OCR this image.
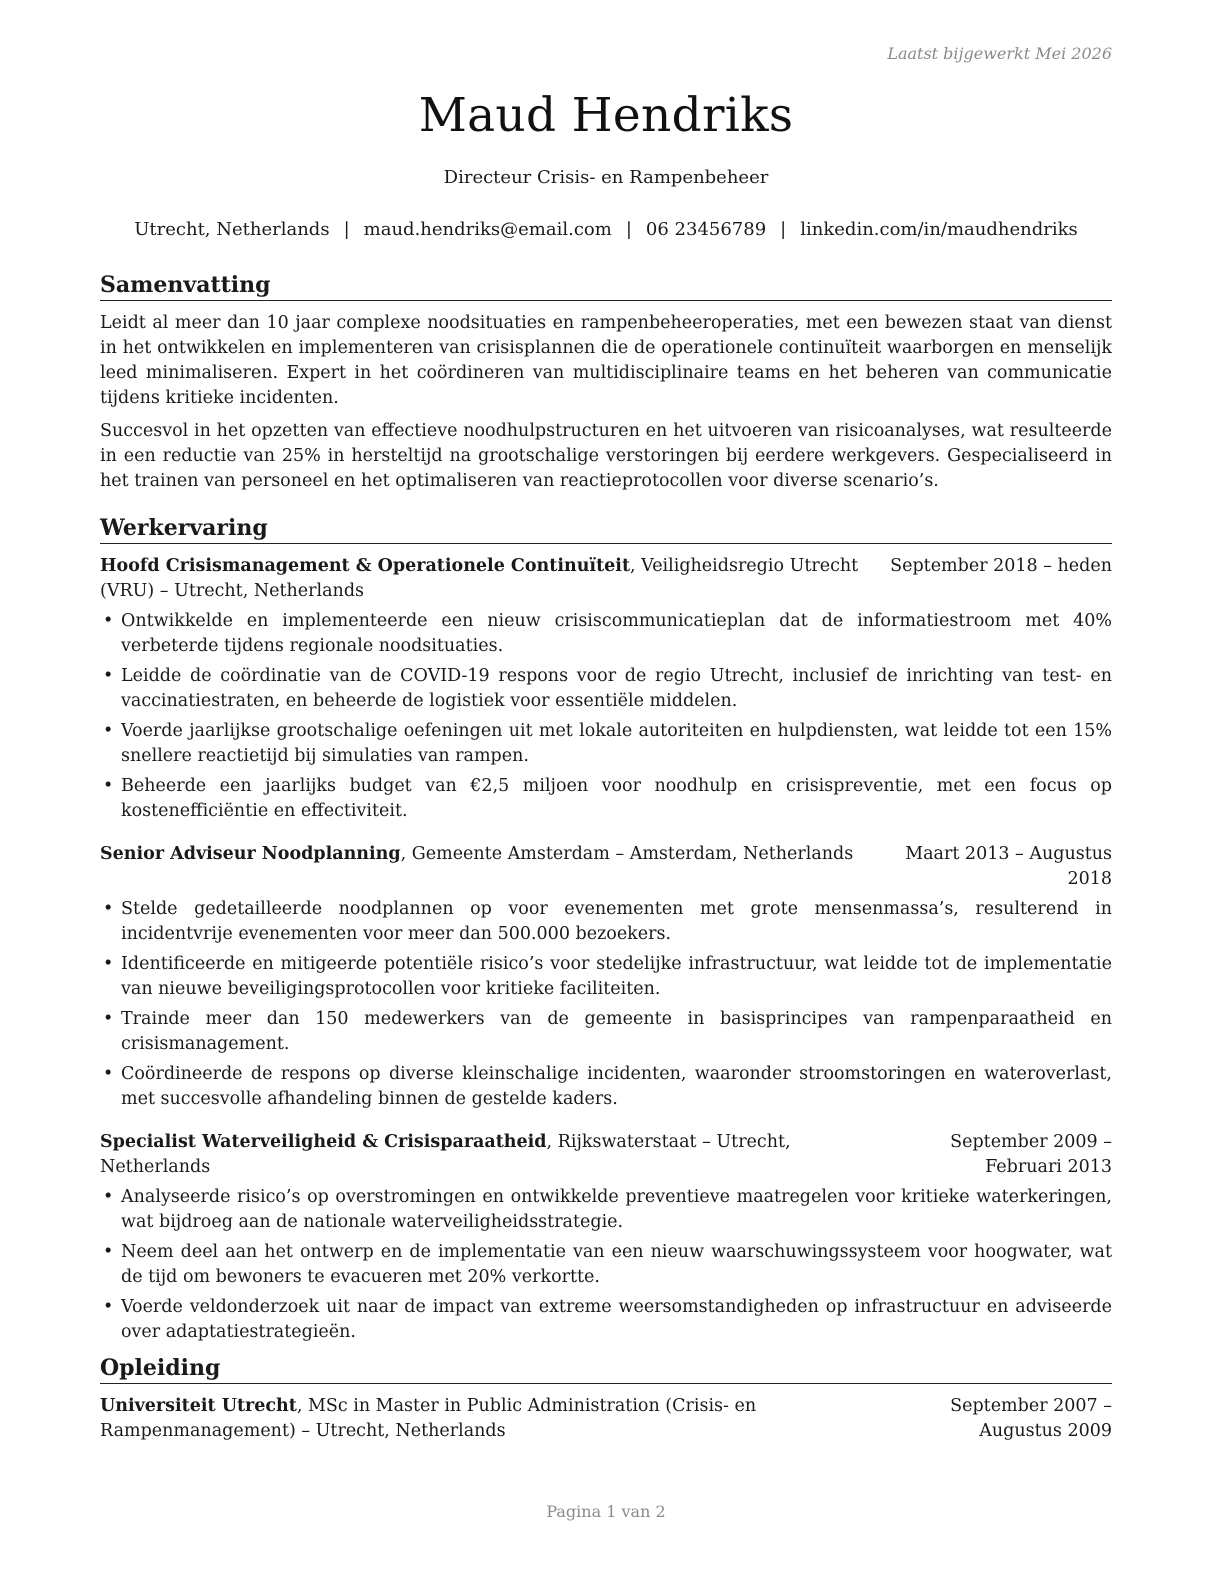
Laatst bijgewerkt Mei 2026
Maud Hendriks
Directeur Crisis- en Rampenbeheer
Utrecht, Netherlands | maud.hendriks@email.com | 06 23456789 | linkedin.com/in/maudhendriks
Samenvatting

Leidt al meer dan 10 jaar complexe noodsituaties en rampenbeheeroperaties, met een bewezen staat van dienst in het ontwikkelen en implementeren van crisisplannen die de operationele continuïteit waarborgen en menselijk leed minimaliseren. Expert in het coördineren van multidisciplinaire teams en het beheren van communicatie tijdens kritieke incidenten.

Succesvol in het opzetten van effectieve noodhulpstructuren en het uitvoeren van risicoanalyses, wat resulteerde in een reductie van 25% in hersteltijd na grootschalige verstoringen bij eerdere werkgevers. Gespecialiseerd in het trainen van personeel en het optimaliseren van reactieprotocollen voor diverse scenario’s.

Werkervaring
Hoofd Crisismanagement & Operationele Continuïteit, Veiligheidsregio Utrecht (VRU) – Utrecht, Netherlands
September 2018 – heden
• Ontwikkelde en implementeerde een nieuw crisiscommunicatieplan dat de informatiestroom met 40% verbeterde tijdens regionale noodsituaties.
• Leidde de coördinatie van de COVID-19 respons voor de regio Utrecht, inclusief de inrichting van test- en vaccinatiestraten, en beheerde de logistiek voor essentiële middelen.
• Voerde jaarlijkse grootschalige oefeningen uit met lokale autoriteiten en hulpdiensten, wat leidde tot een 15% snellere reactietijd bij simulaties van rampen.
• Beheerde een jaarlijks budget van €2,5 miljoen voor noodhulp en crisispreventie, met een focus op kostenefficiëntie en effectiviteit.
Senior Adviseur Noodplanning, Gemeente Amsterdam – Amsterdam, Netherlands	Maart 2013 – Augustus 2018
• Stelde gedetailleerde noodplannen op voor evenementen met grote mensenmassa’s, resulterend in incidentvrije evenementen voor meer dan 500.000 bezoekers.
• Identificeerde en mitigeerde potentiële risico’s voor stedelijke infrastructuur, wat leidde tot de implementatie van nieuwe beveiligingsprotocollen voor kritieke faciliteiten.
• Trainde meer dan 150 medewerkers van de gemeente in basisprincipes van rampenparaatheid en crisismanagement.
• Coördineerde de respons op diverse kleinschalige incidenten, waaronder stroomstoringen en wateroverlast, met succesvolle afhandeling binnen de gestelde kaders.
Specialist Waterveiligheid & Crisisparaatheid, Rijkswaterstaat – Utrecht, Netherlands
September 2009 – Februari 2013
• Analyseerde risico’s op overstromingen en ontwikkelde preventieve maatregelen voor kritieke waterkeringen, wat bijdroeg aan de nationale waterveiligheidsstrategie.
• Neem deel aan het ontwerp en de implementatie van een nieuw waarschuwingssysteem voor hoogwater, wat de tijd om bewoners te evacueren met 20% verkortte.
• Voerde veldonderzoek uit naar de impact van extreme weersomstandigheden op infrastructuur en adviseerde over adaptatiestrategieën.
Opleiding
Universiteit Utrecht, MSc in Master in Public Administration (Crisis- en Rampenmanagement) – Utrecht, Netherlands
September 2007 – Augustus 2009
Pagina 1 van 2
